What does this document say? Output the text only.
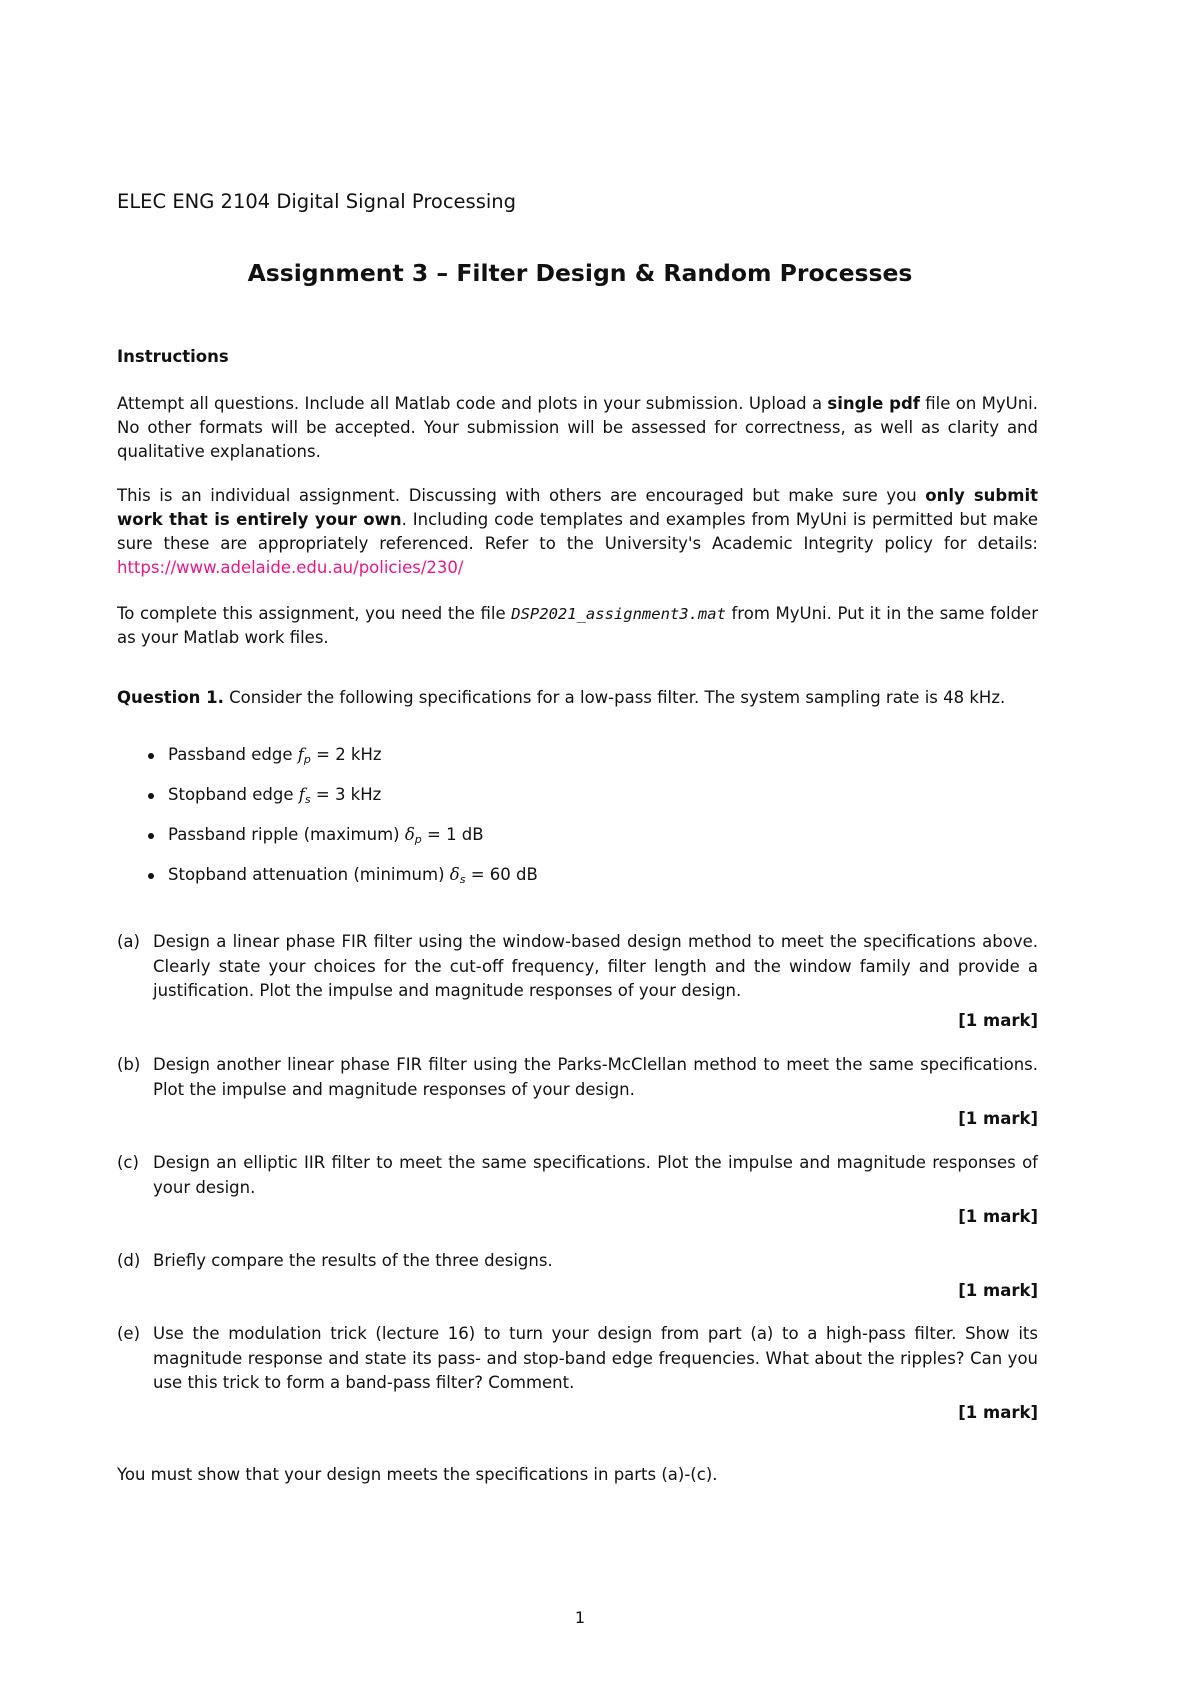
ELEC ENG 2104 Digital Signal Processing
Assignment 3 – Filter Design & Random Processes
Instructions

Attempt all questions. Include all Matlab code and plots in your submission. Upload a single pdf file on MyUni. No other formats will be accepted. Your submission will be assessed for correctness, as well as clarity and qualitative explanations.

This is an individual assignment. Discussing with others are encouraged but make sure you only submit work that is entirely your own. Including code templates and examples from MyUni is permitted but make sure these are appropriately referenced. Refer to the University's Academic Integrity policy for details: https://www.adelaide.edu.au/policies/230/

To complete this assignment, you need the file DSP2021_assignment3.mat from MyUni. Put it in the same folder as your Matlab work files.

Question 1. Consider the following specifications for a low-pass filter. The system sampling rate is 48 kHz.

Passband edge $f_p = 2$ kHz
Stopband edge $f_s = 3$ kHz
Passband ripple (maximum) $\delta_p = 1$ dB
Stopband attenuation (minimum) $\delta_s = 60$ dB
(a) Design a linear phase FIR filter using the window-based design method to meet the specifications above. Clearly state your choices for the cut-off frequency, filter length and the window family and provide a justification. Plot the impulse and magnitude responses of your design.
[1 mark]
(b) Design another linear phase FIR filter using the Parks-McClellan method to meet the same specifications. Plot the impulse and magnitude responses of your design.
[1 mark]
(c) Design an elliptic IIR filter to meet the same specifications. Plot the impulse and magnitude responses of your design.
[1 mark]
(d) Briefly compare the results of the three designs.
[1 mark]
(e) Use the modulation trick (lecture 16) to turn your design from part (a) to a high-pass filter. Show its magnitude response and state its pass- and stop-band edge frequencies. What about the ripples? Can you use this trick to form a band-pass filter? Comment.
[1 mark]
You must show that your design meets the specifications in parts (a)-(c).
1
